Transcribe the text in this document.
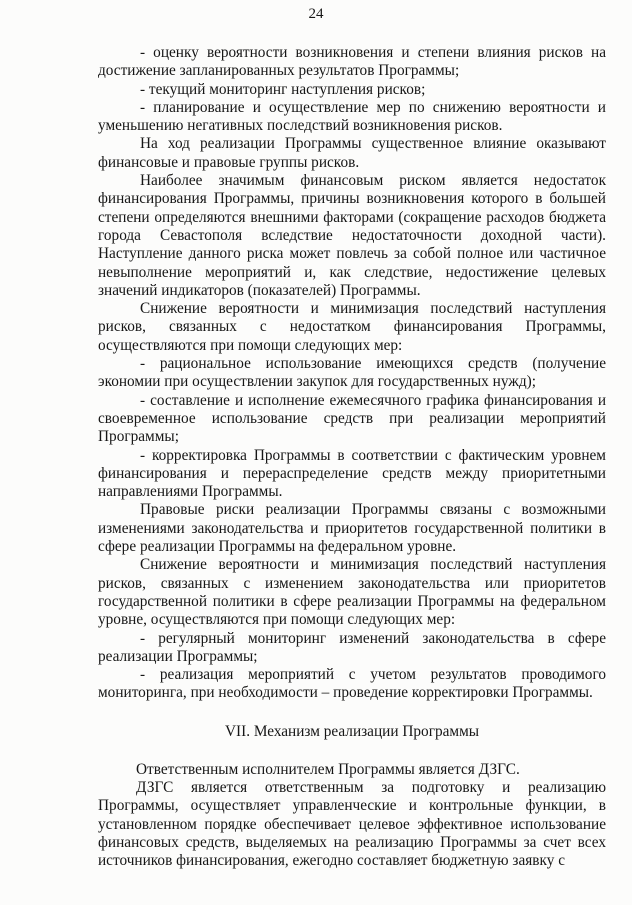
24

- оценку вероятности возникновения и степени влияния рисков на достижение запланированных результатов Программы;

- текущий мониторинг наступления рисков;

- планирование и осуществление мер по снижению вероятности и уменьшению негативных последствий возникновения рисков.

На ход реализации Программы существенное влияние оказывают финансовые и правовые группы рисков.

Наиболее значимым финансовым риском является недостаток финансирования Программы, причины возникновения которого в большей степени определяются внешними факторами (сокращение расходов бюджета города Севастополя вследствие недостаточности доходной части). Наступление данного риска может повлечь за собой полное или частичное невыполнение мероприятий и, как следствие, недостижение целевых значений индикаторов (показателей) Программы.

Снижение вероятности и минимизация последствий наступления рисков, связанных с недостатком финансирования Программы, осуществляются при помощи следующих мер:

- рациональное использование имеющихся средств (получение экономии при осуществлении закупок для государственных нужд);

- составление и исполнение ежемесячного графика финансирования и своевременное использование средств при реализации мероприятий Программы;

- корректировка Программы в соответствии с фактическим уровнем финансирования и перераспределение средств между приоритетными направлениями Программы.

Правовые риски реализации Программы связаны с возможными изменениями законодательства и приоритетов государственной политики в сфере реализации Программы на федеральном уровне.

Снижение вероятности и минимизация последствий наступления рисков, связанных с изменением законодательства или приоритетов государственной политики в сфере реализации Программы на федеральном уровне, осуществляются при помощи следующих мер:

- регулярный мониторинг изменений законодательства в сфере реализации Программы;

- реализация мероприятий с учетом результатов проводимого мониторинга, при необходимости – проведение корректировки Программы.

VII. Механизм реализации Программы

Ответственным исполнителем Программы является ДЗГС.

ДЗГС является ответственным за подготовку и реализацию Программы, осуществляет управленческие и контрольные функции, в установленном порядке обеспечивает целевое эффективное использование финансовых средств, выделяемых на реализацию Программы за счет всех источников финансирования, ежегодно составляет бюджетную заявку с
